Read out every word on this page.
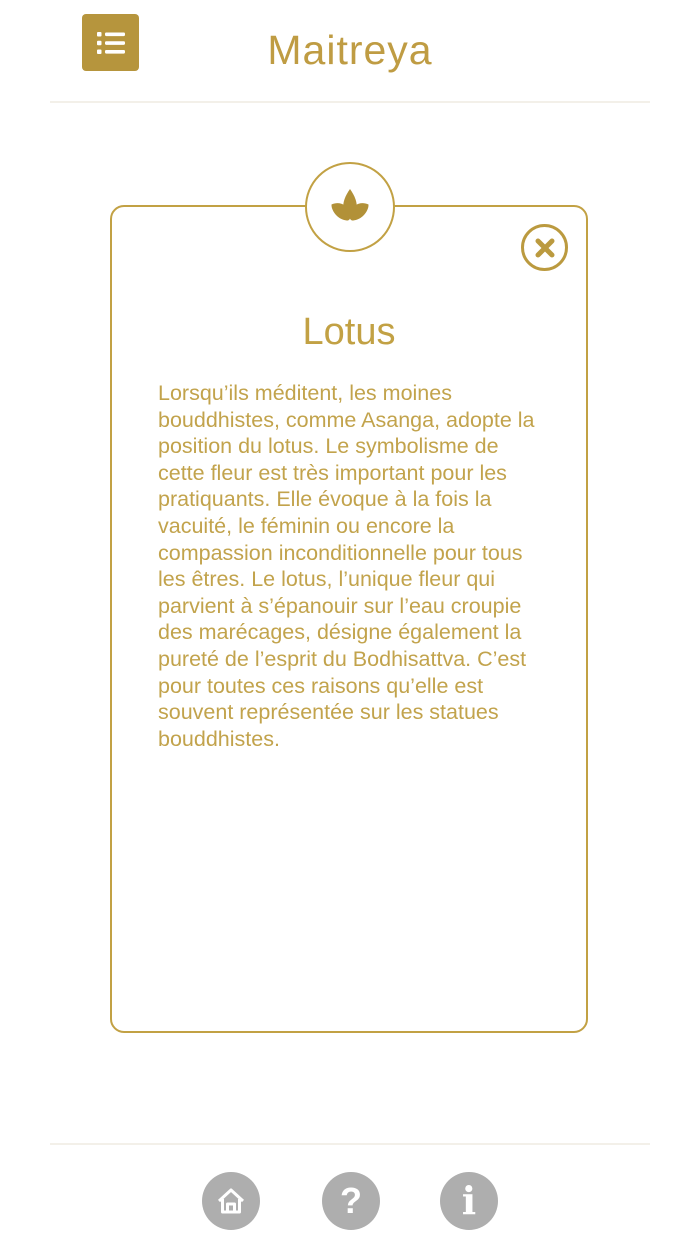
Maitreya
Lotus

Lorsqu’ils méditent, les moines bouddhistes, comme Asanga, adopte la position du lotus. Le symbolisme de cette fleur est très important pour les pratiquants. Elle évoque à la fois la vacuité, le féminin ou encore la compassion inconditionnelle pour tous les êtres. Le lotus, l’unique fleur qui parvient à s’épanouir sur l’eau croupie des marécages, désigne également la pureté de l’esprit du Bodhisattva. C’est pour toutes ces raisons qu’elle est souvent représentée sur les statues bouddhistes.

?	i
